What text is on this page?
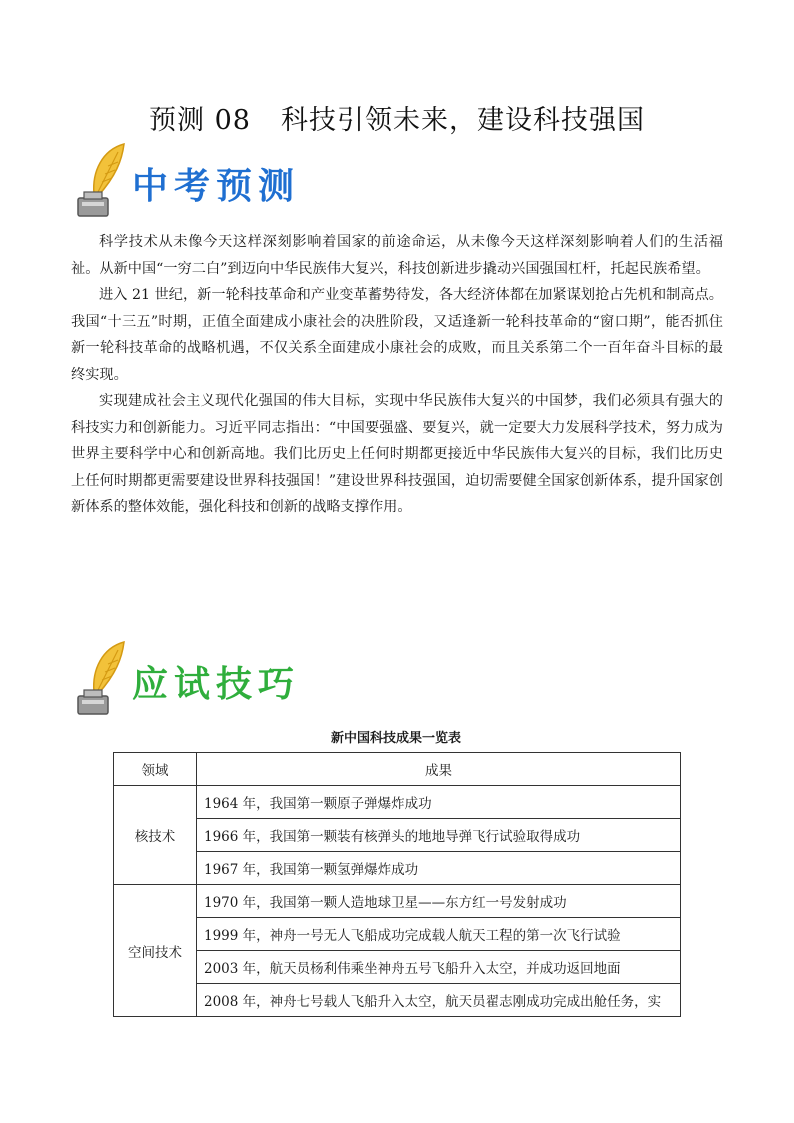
预测 08 科技引领未来，建设科技强国
中考预测

科学技术从未像今天这样深刻影响着国家的前途命运，从未像今天这样深刻影响着人们的生活福祉。从新中国“一穷二白”到迈向中华民族伟大复兴，科技创新进步撬动兴国强国杠杆，托起民族希望。

进入 21 世纪，新一轮科技革命和产业变革蓄势待发，各大经济体都在加紧谋划抢占先机和制高点。我国“十三五”时期，正值全面建成小康社会的决胜阶段，又适逢新一轮科技革命的“窗口期”，能否抓住新一轮科技革命的战略机遇，不仅关系全面建成小康社会的成败，而且关系第二个一百年奋斗目标的最终实现。

实现建成社会主义现代化强国的伟大目标，实现中华民族伟大复兴的中国梦，我们必须具有强大的科技实力和创新能力。习近平同志指出：“中国要强盛、要复兴，就一定要大力发展科学技术，努力成为世界主要科学中心和创新高地。我们比历史上任何时期都更接近中华民族伟大复兴的目标，我们比历史上任何时期都更需要建设世界科技强国！”建设世界科技强国，迫切需要健全国家创新体系，提升国家创新体系的整体效能，强化科技和创新的战略支撑作用。

应试技巧
新中国科技成果一览表
领域	成果
核技术	1964 年，我国第一颗原子弹爆炸成功
	1966 年，我国第一颗装有核弹头的地地导弹飞行试验取得成功
	1967 年，我国第一颗氢弹爆炸成功
空间技术	1970 年，我国第一颗人造地球卫星——东方红一号发射成功
	1999 年，神舟一号无人飞船成功完成载人航天工程的第一次飞行试验
	2003 年，航天员杨利伟乘坐神舟五号飞船升入太空，并成功返回地面
	2008 年，神舟七号载人飞船升入太空，航天员翟志刚成功完成出舱任务，实
